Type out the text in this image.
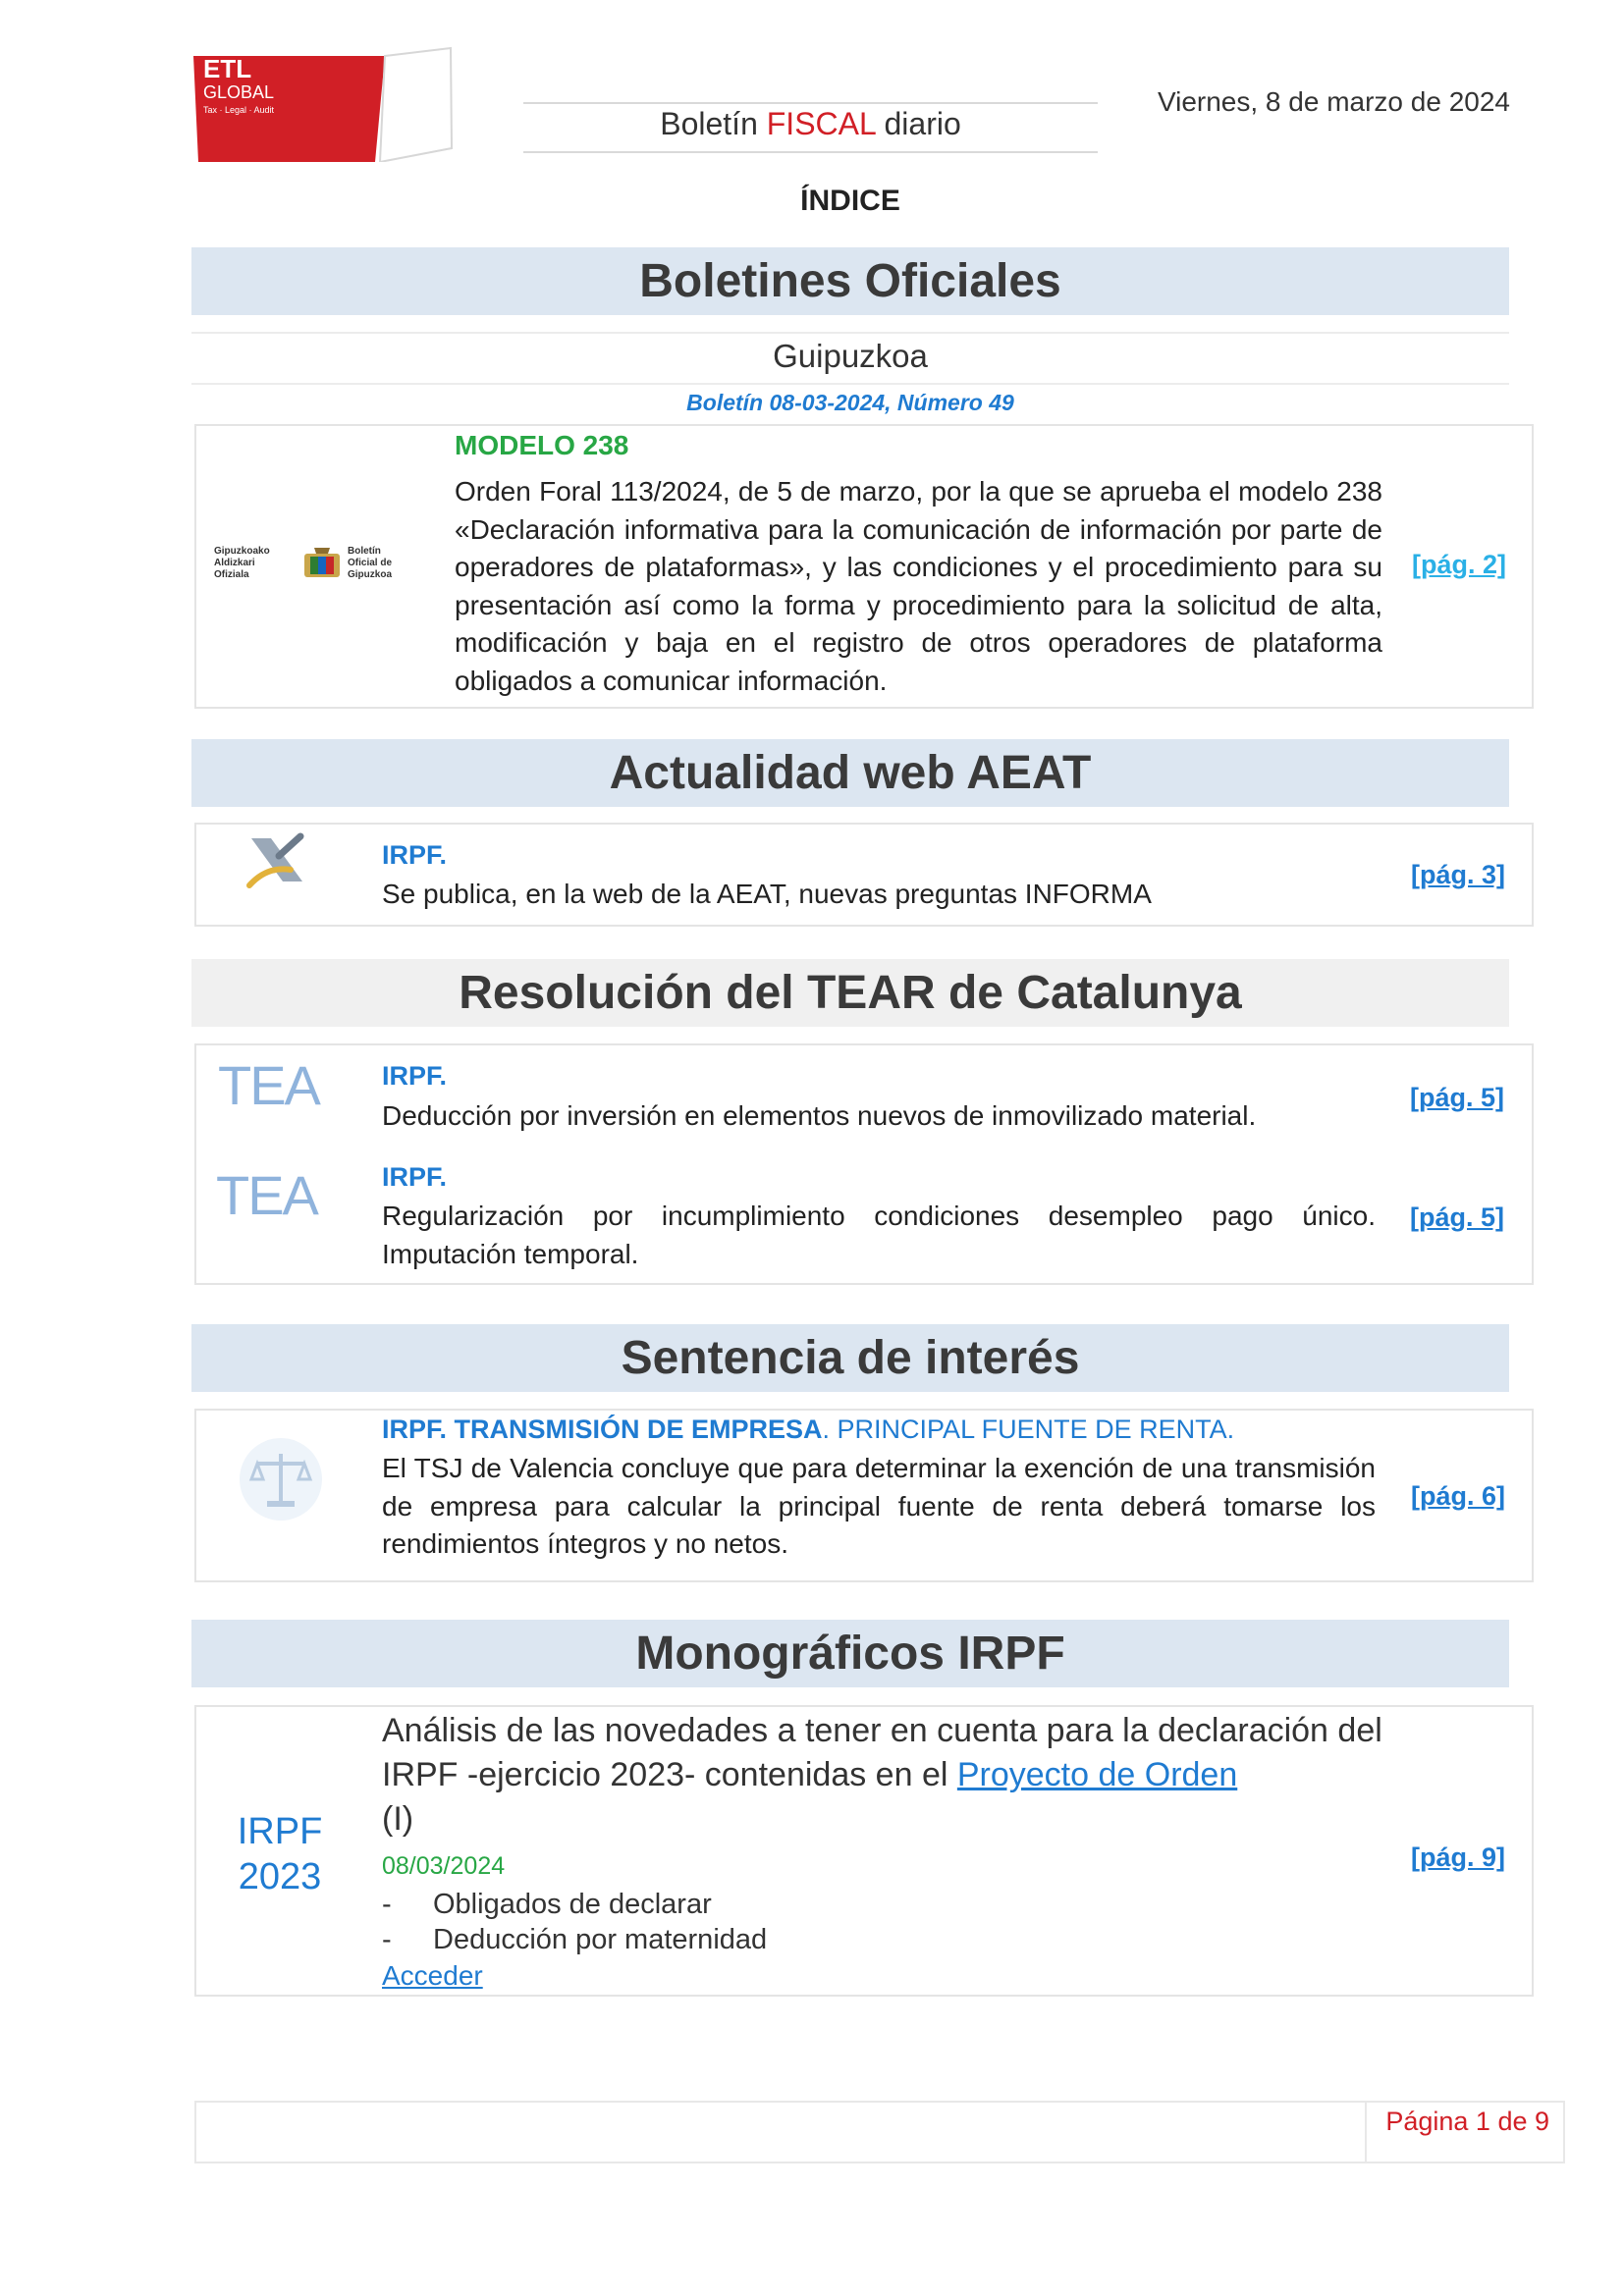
ETL
GLOBAL
Tax · Legal · Audit	Boletín FISCAL diario
Viernes, 8 de marzo de 2024
ÍNDICE
Boletines Oficiales
Guipuzkoa
Boletín 08-03-2024, Número 49
Gipuzkoako
Aldizkari
Ofiziala
Boletín
Oficial de
Gipuzkoa
MODELO 238
Orden Foral 113/2024, de 5 de marzo, por la que se aprueba el modelo 238 «Declaración informativa para la comunicación de información por parte de operadores de plataformas», y las condiciones y el procedimiento para su presentación así como la forma y procedimiento para la solicitud de alta, modificación y baja en el registro de otros operadores de plataforma obligados a comunicar información.
[pág. 2]
Actualidad web AEAT
IRPF.
Se publica, en la web de la AEAT, nuevas preguntas INFORMA
[pág. 3]
Resolución del TEAR de Catalunya
TEA IRPF.
Deducción por inversión en elementos nuevos de inmovilizado material.
[pág. 5]
TEA IRPF.
Regularización por incumplimiento condiciones desempleo pago único. Imputación temporal.
[pág. 5]
Sentencia de interés
IRPF. TRANSMISIÓN DE EMPRESA. PRINCIPAL FUENTE DE RENTA.
El TSJ de Valencia concluye que para determinar la exención de una transmisión de empresa para calcular la principal fuente de renta deberá tomarse los rendimientos íntegros y no netos.
[pág. 6]
Monográficos IRPF
IRPF
2023
Análisis de las novedades a tener en cuenta para la declaración del IRPF -ejercicio 2023- contenidas en el Proyecto de Orden
(I)
08/03/2024
- Obligados de declarar
- Deducción por maternidad
Acceder
[pág. 9]
Página 1 de 9
